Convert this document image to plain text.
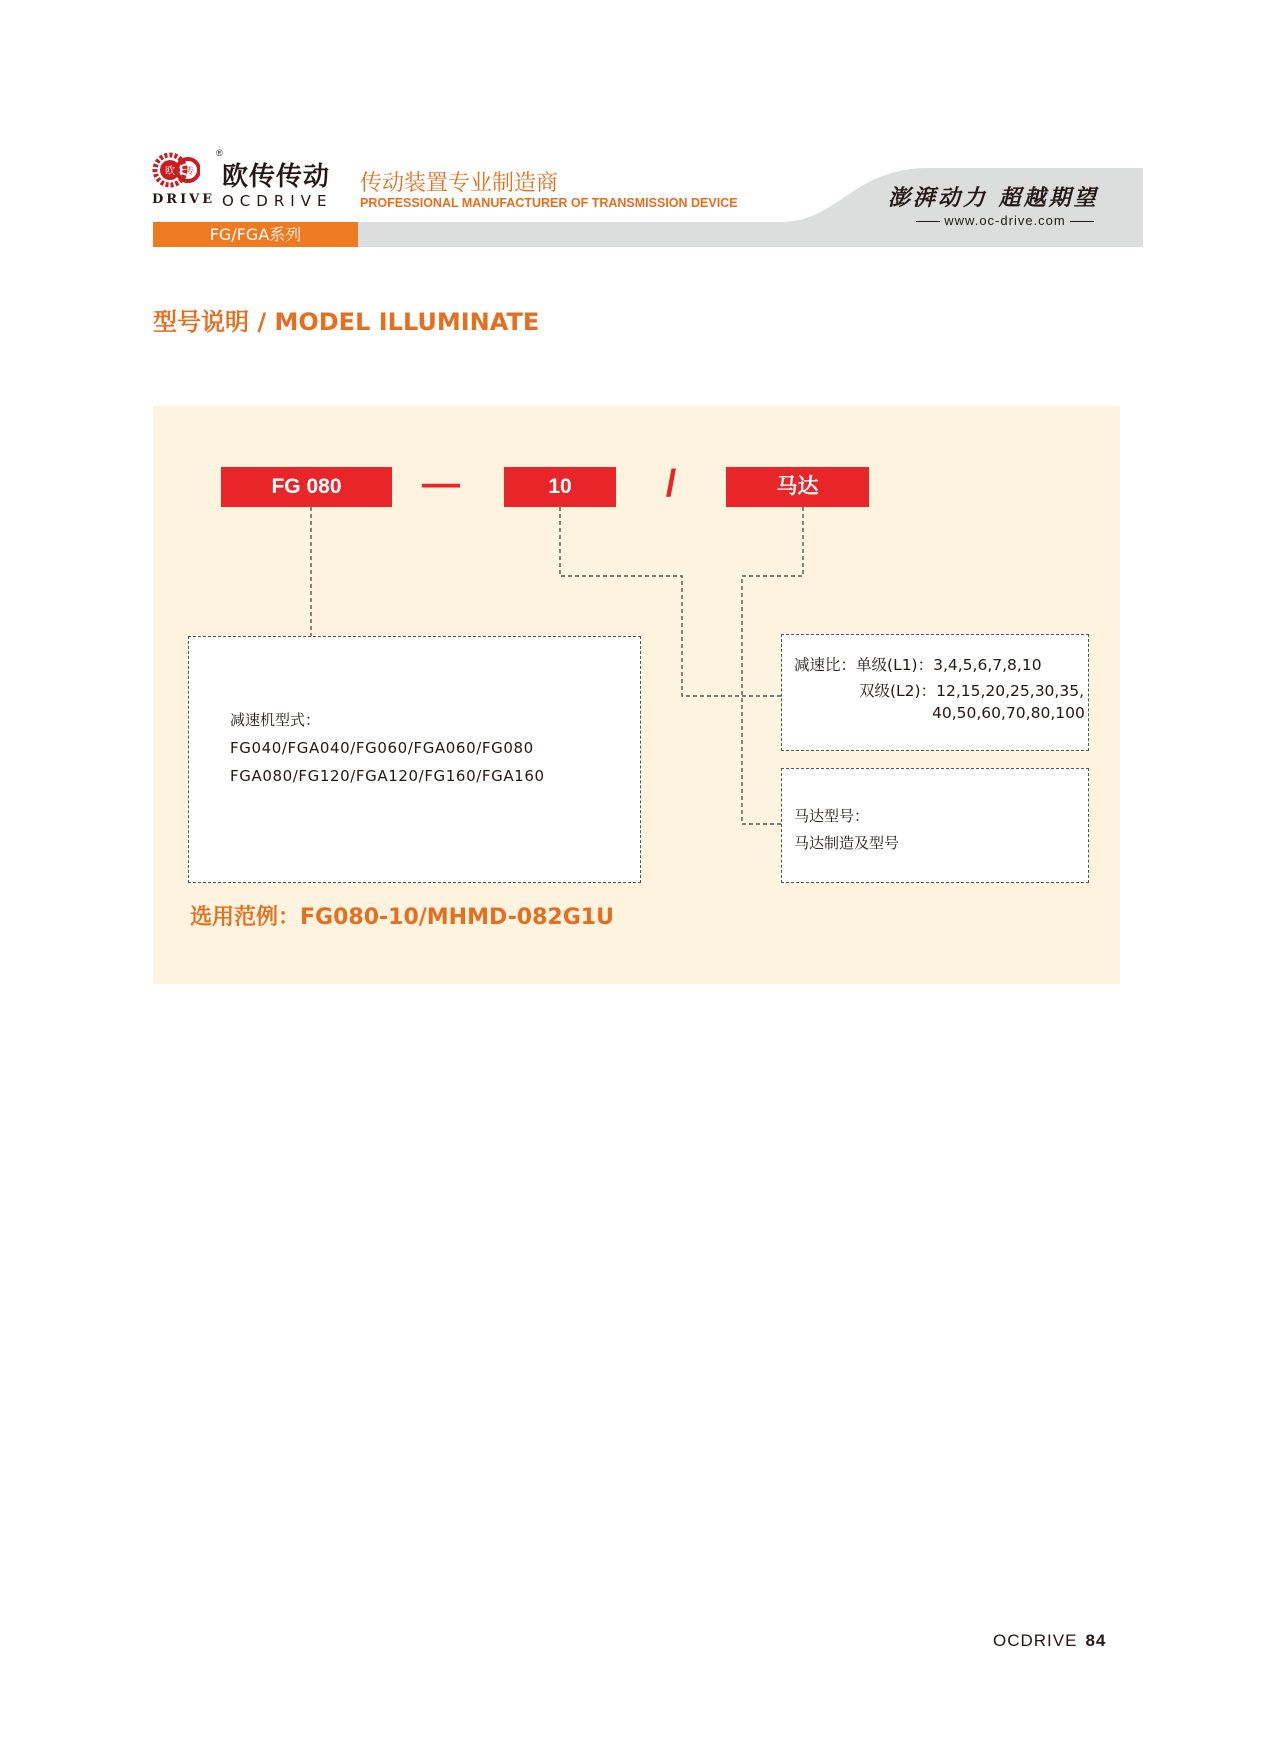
欧 传
®
欧传传动
DRIVE OCDRIVE
传动装置专业制造商
PROFESSIONAL MANUFACTURER OF TRANSMISSION DEVICE
FG/FGA系列
澎湃动力 超越期望
www.oc-drive.com
型号说明 / MODEL ILLUMINATE
FG 080	—	10	/	马达
减速机型式：
FG040/FGA040/FG060/FGA060/FG080
FGA080/FG120/FGA120/FG160/FGA160
减速比：单级(L1)：3,4,5,6,7,8,10
双级(L2)：12,15,20,25,30,35,
40,50,60,70,80,100
马达型号：
马达制造及型号
选用范例：FG080-10/MHMD-082G1U
OCDRIVE 84
